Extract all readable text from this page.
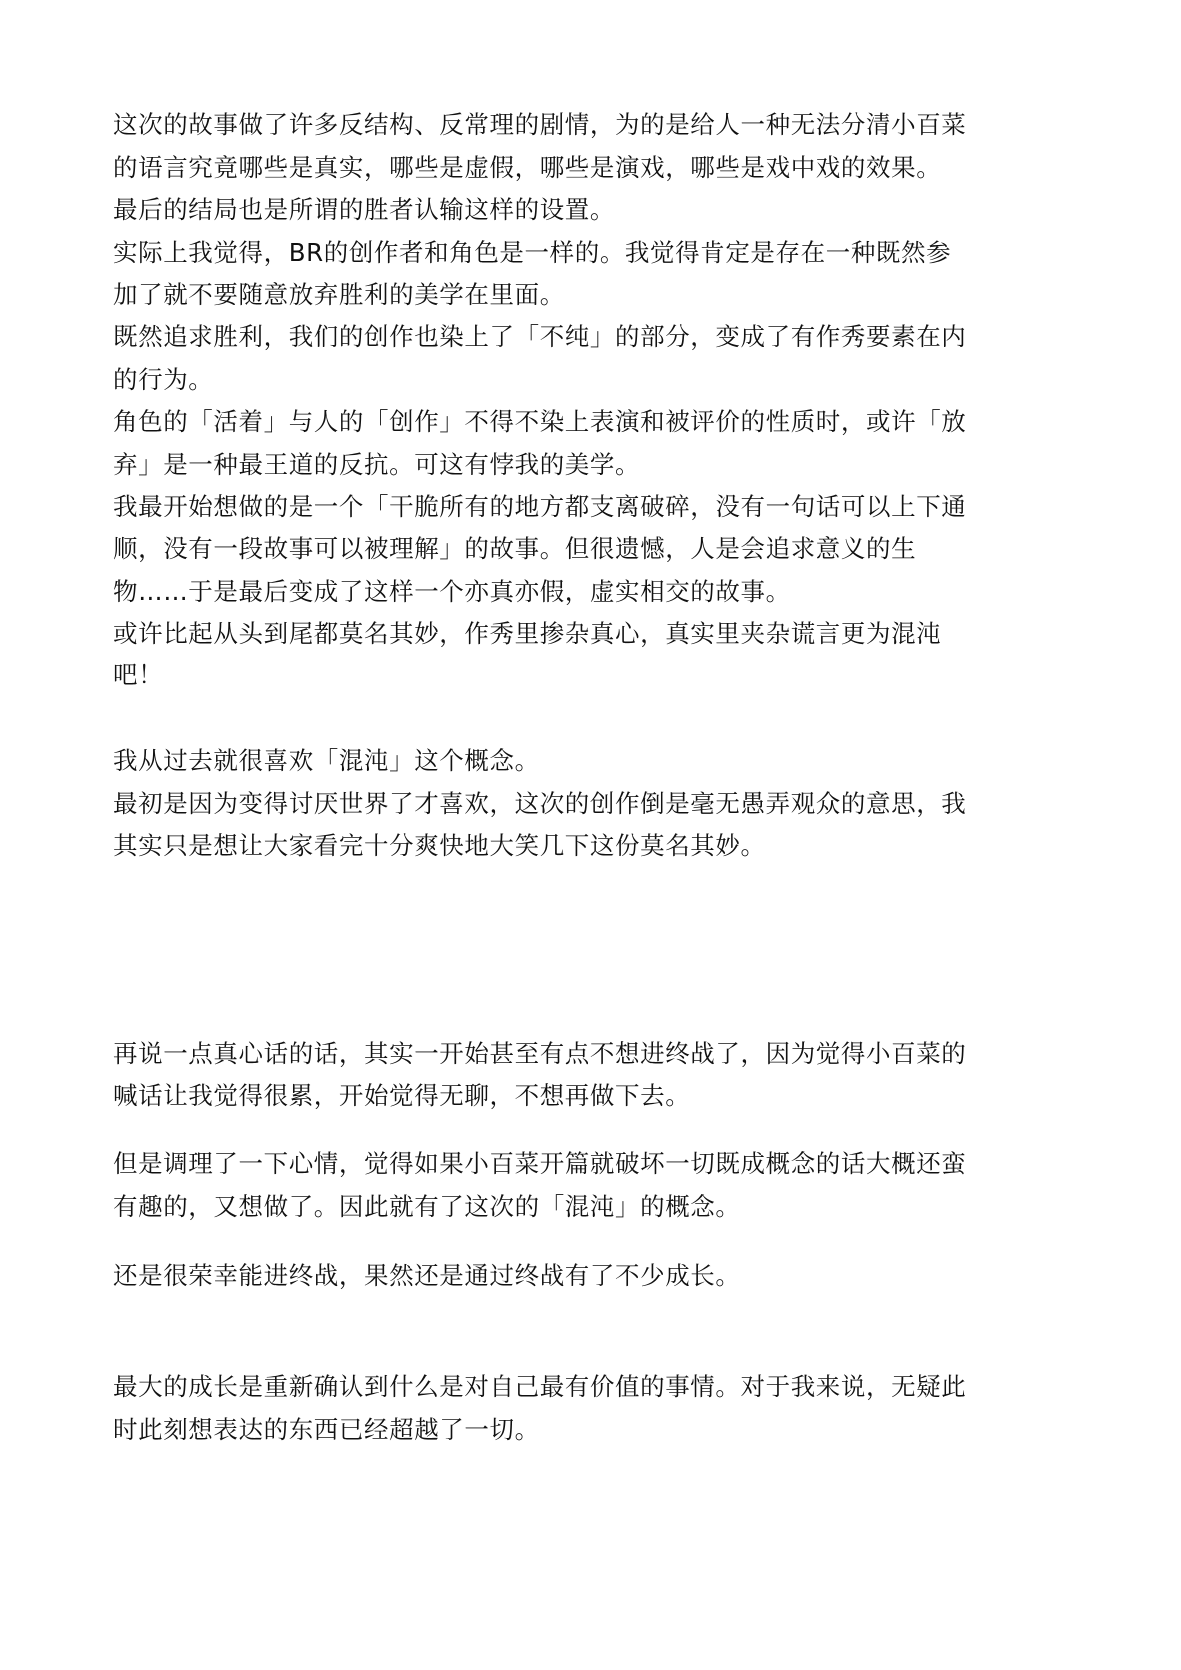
这次的故事做了许多反结构、反常理的剧情，为的是给人一种无法分清小百菜
的语言究竟哪些是真实，哪些是虚假，哪些是演戏，哪些是戏中戏的效果。
最后的结局也是所谓的胜者认输这样的设置。
实际上我觉得，BR的创作者和角色是一样的。我觉得肯定是存在一种既然参
加了就不要随意放弃胜利的美学在里面。
既然追求胜利，我们的创作也染上了「不纯」的部分，变成了有作秀要素在内
的行为。
角色的「活着」与人的「创作」不得不染上表演和被评价的性质时，或许「放
弃」是一种最王道的反抗。可这有悖我的美学。
我最开始想做的是一个「干脆所有的地方都支离破碎，没有一句话可以上下通
顺，没有一段故事可以被理解」的故事。但很遗憾，人是会追求意义的生
物……于是最后变成了这样一个亦真亦假，虚实相交的故事。
或许比起从头到尾都莫名其妙，作秀里掺杂真心，真实里夹杂谎言更为混沌
吧！
我从过去就很喜欢「混沌」这个概念。
最初是因为变得讨厌世界了才喜欢，这次的创作倒是毫无愚弄观众的意思，我
其实只是想让大家看完十分爽快地大笑几下这份莫名其妙。
再说一点真心话的话，其实一开始甚至有点不想进终战了，因为觉得小百菜的
喊话让我觉得很累，开始觉得无聊，不想再做下去。
但是调理了一下心情，觉得如果小百菜开篇就破坏一切既成概念的话大概还蛮
有趣的，又想做了。因此就有了这次的「混沌」的概念。
还是很荣幸能进终战，果然还是通过终战有了不少成长。
最大的成长是重新确认到什么是对自己最有价值的事情。对于我来说，无疑此
时此刻想表达的东西已经超越了一切。
